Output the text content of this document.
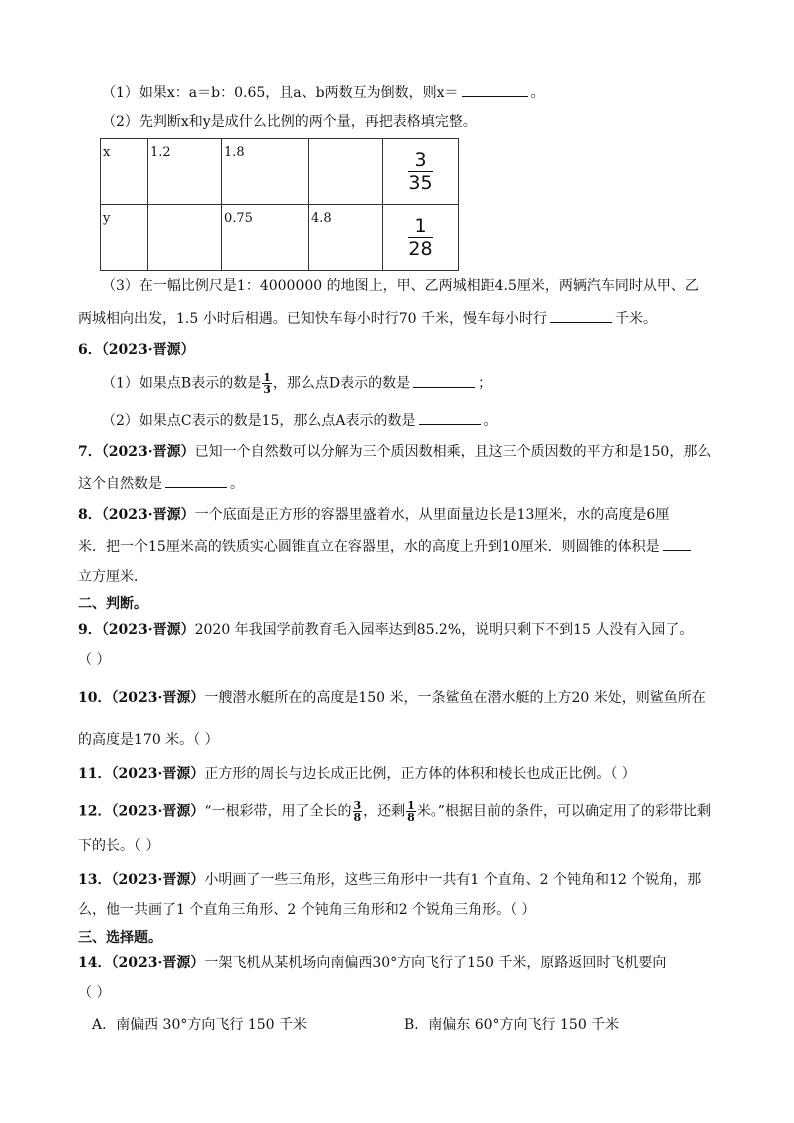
（1）如果x：a＝b：0.65，且a、b两数互为倒数，则x＝	。
（2）先判断x和y是成什么比例的两个量，再把表格填完整。
x	1.2	1.8		$\frac{3}{35}$

y		0.75	4.8	$\frac{1}{28}$
（3）在一幅比例尺是1：4000000 的地图上，甲、乙两城相距4.5厘米，两辆汽车同时从甲、乙
两城相向出发，1.5 小时后相遇。已知快车每小时行70 千米，慢车每小时行	千米。
6．（2023·晋源）
（1）如果点B表示的数是 $\frac{1}{3}$ ，那么点D表示的数是	；
（2）如果点C表示的数是15，那么点A表示的数是	。
7．（2023·晋源）已知一个自然数可以分解为三个质因数相乘，且这三个质因数的平方和是150，那么
这个自然数是	。
8．（2023·晋源）一个底面是正方形的容器里盛着水，从里面量边长是13厘米，水的高度是6厘
米．把一个15厘米高的铁质实心圆锥直立在容器里，水的高度上升到10厘米．则圆锥的体积是
立方厘米．
二、判断。
9．（2023·晋源）2020 年我国学前教育毛入园率达到85.2%，说明只剩下不到15 人没有入园了。
（ ）
10．（2023·晋源）一艘潜水艇所在的高度是150 米，一条鲨鱼在潜水艇的上方20 米处，则鲨鱼所在
的高度是170 米。（ ）
11．（2023·晋源）正方形的周长与边长成正比例，正方体的体积和棱长也成正比例。（ ）
12．（2023·晋源）“一根彩带，用了全长的 $\frac{3}{8}$ ，还剩 $\frac{1}{8}$ 米。”根据目前的条件，可以确定用了的彩带比剩
下的长。（ ）
13．（2023·晋源）小明画了一些三角形，这些三角形中一共有1 个直角、2 个钝角和12 个锐角，那
么，他一共画了1 个直角三角形、2 个钝角三角形和2 个锐角三角形。（ ）
三、选择题。
14．（2023·晋源）一架飞机从某机场向南偏西30°方向飞行了150 千米，原路返回时飞机要向
（ ）
A．南偏西 30°方向飞行 150 千米	B．南偏东 60°方向飞行 150 千米
